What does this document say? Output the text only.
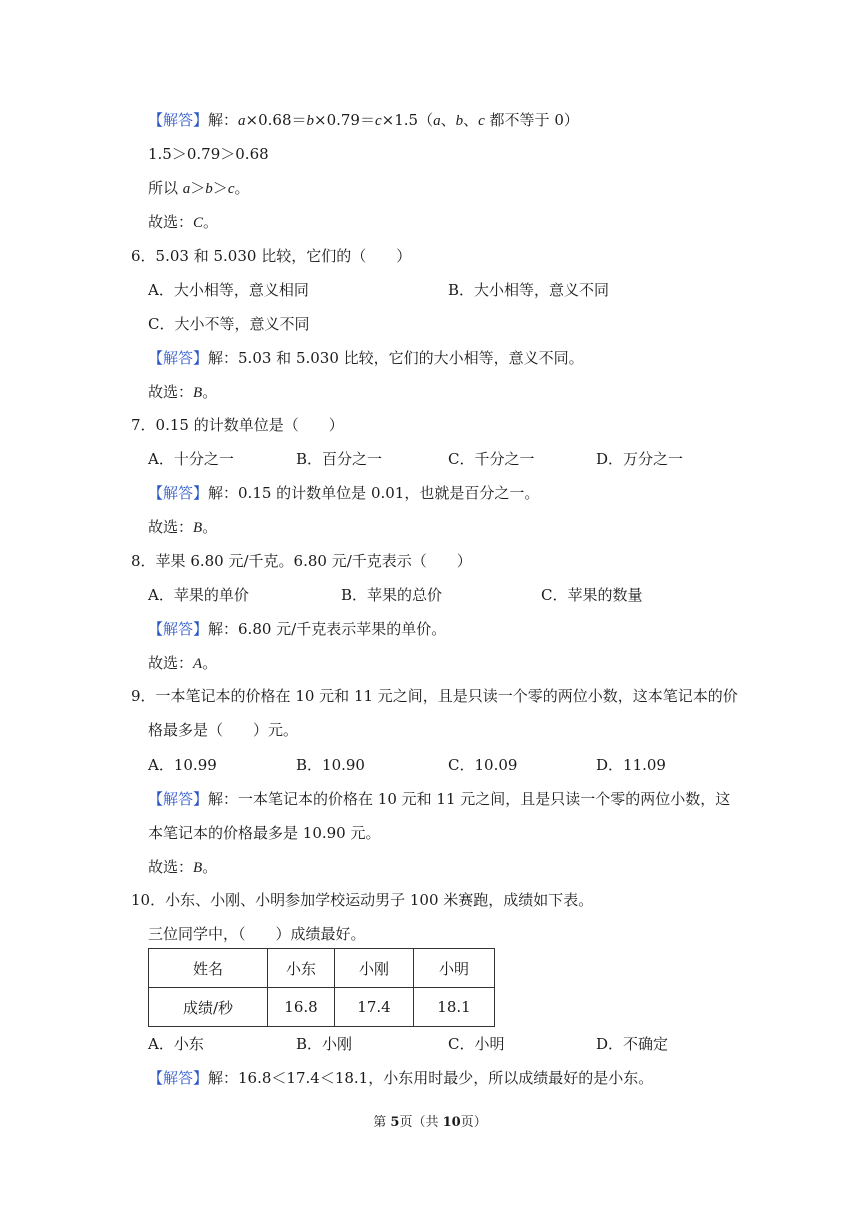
【解答】解：a×0.68＝b×0.79＝c×1.5（a、b、c 都不等于 0）
1.5＞0.79＞0.68
所以 a＞b＞c。
故选：C。
6．5.03 和 5.030 比较，它们的（　　）
A．大小相等，意义相同	B．大小相等，意义不同
C．大小不等，意义不同
【解答】解：5.03 和 5.030 比较，它们的大小相等，意义不同。
故选：B。
7．0.15 的计数单位是（　　）
A．十分之一	B．百分之一	C．千分之一	D．万分之一
【解答】解：0.15 的计数单位是 0.01，也就是百分之一。
故选：B。
8．苹果 6.80 元/千克。6.80 元/千克表示（　　）
A．苹果的单价	B．苹果的总价	C．苹果的数量
【解答】解：6.80 元/千克表示苹果的单价。
故选：A。
9．一本笔记本的价格在 10 元和 11 元之间，且是只读一个零的两位小数，这本笔记本的价
格最多是（　　）元。
A．10.99	B．10.90	C．10.09	D．11.09
【解答】解：一本笔记本的价格在 10 元和 11 元之间，且是只读一个零的两位小数，这
本笔记本的价格最多是 10.90 元。
故选：B。
10．小东、小刚、小明参加学校运动男子 100 米赛跑，成绩如下表。
三位同学中，（　　）成绩最好。
姓名	小东	小刚	小明
成绩/秒	16.8	17.4	18.1
A．小东	B．小刚	C．小明	D．不确定
【解答】解：16.8＜17.4＜18.1，小东用时最少，所以成绩最好的是小东。
第 5页（共 10页）
